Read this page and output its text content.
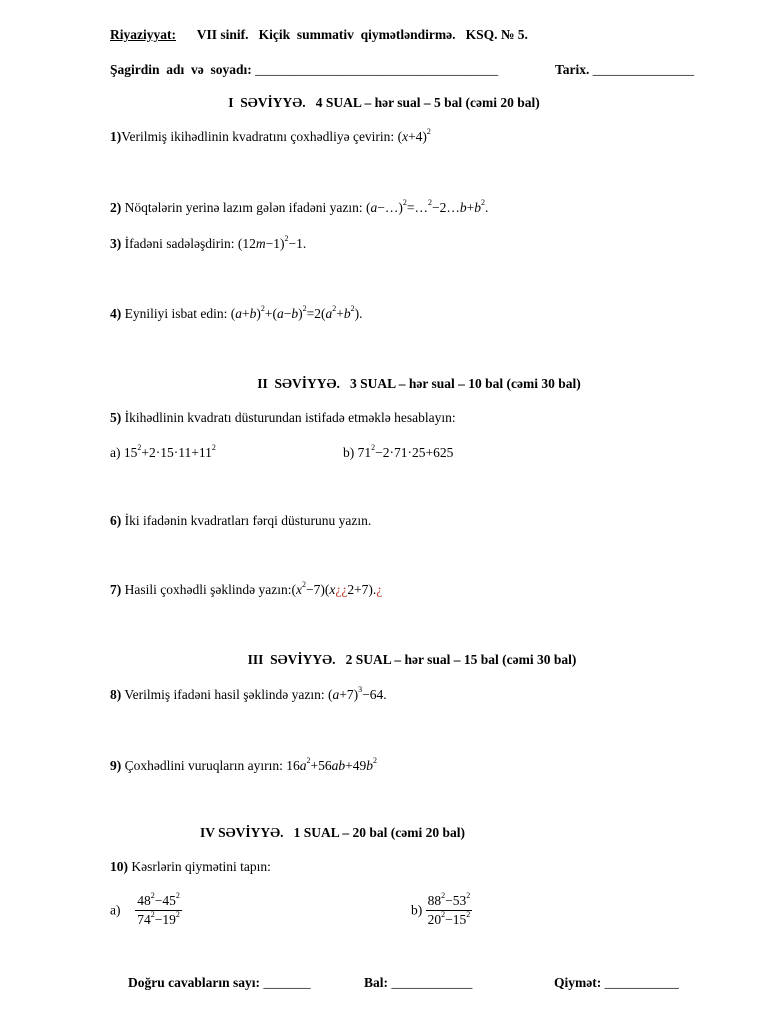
Riyaziyyat: VII sinif.   Kiçik  summativ  qiymətləndirmə.   KSQ. № 5.
Şagirdin  adı  və  soyadı: ____________________________________	Tarix. _______________
I  SƏVİYYƏ.   4 SUAL – hər sual – 5 bal (cəmi 20 bal)
1)Verilmiş ikihədlinin kvadratını çoxhədliyə çevirin: $(x+4)^2$
2) Nöqtələrin yerinə lazım gələn ifadəni yazın: $(a-\dots)^2=\dots^2-2\dots b+b^2$.
3) İfadəni sadələşdirin: $(12m-1)^2-1$.
4) Eyniliyi isbat edin: $(a+b)^2+(a-b)^2=2(a^2+b^2)$.
II  SƏVİYYƏ.   3 SUAL – hər sual – 10 bal (cəmi 30 bal)
5) İkihədlinin kvadratı düsturundan istifadə etməklə hesablayın:
a) $15^2+2\cdot 15\cdot 11+11^2$	b) $71^2-2\cdot 71\cdot 25+625$
6) İki ifadənin kvadratları fərqi düsturunu yazın.
7) Hasili çoxhədli şəklində $yazın:(x^2-7)(x¿¿2+7).¿$
III  SƏVİYYƏ.   2 SUAL – hər sual – 15 bal (cəmi 30 bal)
8) Verilmiş ifadəni hasil şəklində yazın: $(a+7)^3-64$.
9) Çoxhədlini vuruqların ayırın: $16a^2+56ab+49b^2$
IV SƏVİYYƏ.   1 SUAL – 20 bal (cəmi 20 bal)
10) Kəsrlərin qiymətini tapın:
$a) \frac{48^2-45^2}{74^2-19^2}$	$b) \frac{88^2-53^2}{20^2-15^2}$
Doğru cavabların sayı: _______	Bal: ____________	Qiymət: ___________
